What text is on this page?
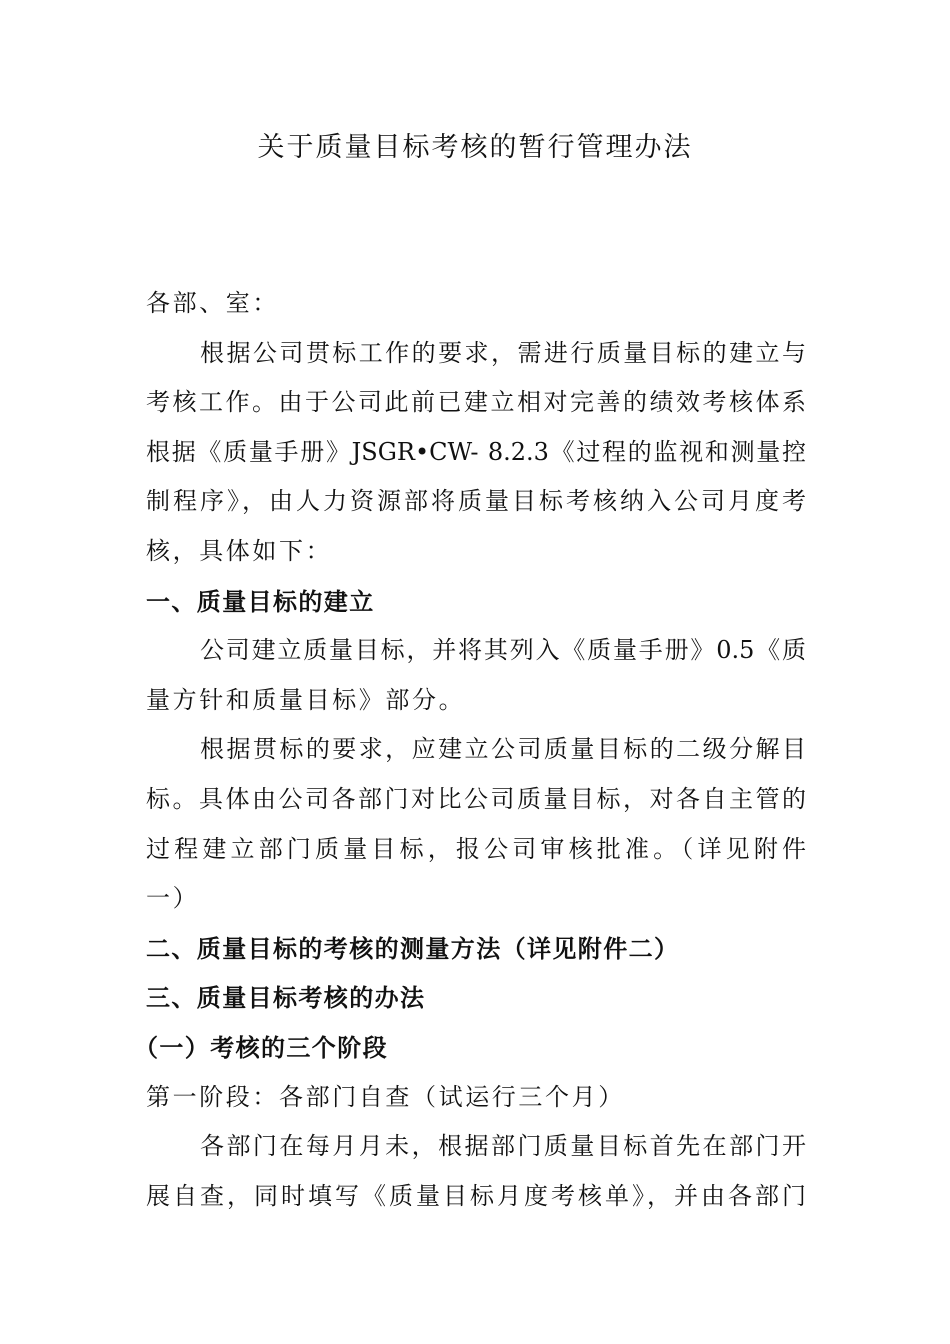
关于质量目标考核的暂行管理办法
各部、室：
根据公司贯标工作的要求，需进行质量目标的建立与
考核工作。由于公司此前已建立相对完善的绩效考核体系
根据《质量手册》JSGR•CW- 8.2.3《过程的监视和测量控
制程序》，由人力资源部将质量目标考核纳入公司月度考
核，具体如下：
一、质量目标的建立
公司建立质量目标，并将其列入《质量手册》0.5《质
量方针和质量目标》部分。
根据贯标的要求，应建立公司质量目标的二级分解目
标。具体由公司各部门对比公司质量目标，对各自主管的
过程建立部门质量目标，报公司审核批准。（详见附件
一）
二、质量目标的考核的测量方法（详见附件二）
三、质量目标考核的办法
（一）考核的三个阶段
第一阶段：各部门自查（试运行三个月）
各部门在每月月未，根据部门质量目标首先在部门开
展自查，同时填写《质量目标月度考核单》，并由各部门
